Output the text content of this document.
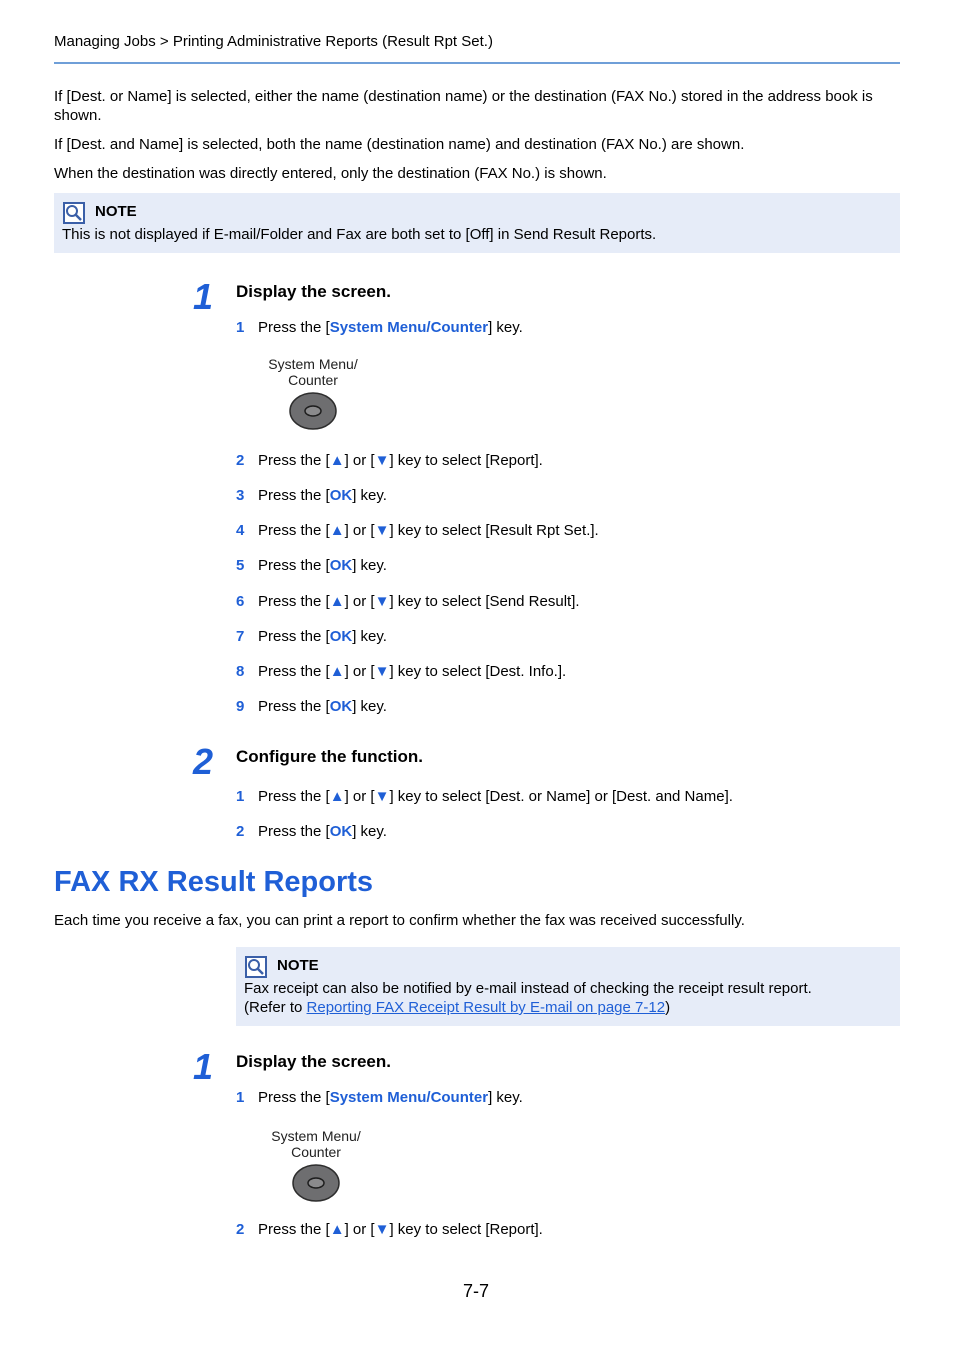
Managing Jobs > Printing Administrative Reports (Result Rpt Set.)
If [Dest. or Name] is selected, either the name (destination name) or the destination (FAX No.) stored in the address book is shown.
If [Dest. and Name] is selected, both the name (destination name) and destination (FAX No.) are shown.
When the destination was directly entered, only the destination (FAX No.) is shown.
NOTE
This is not displayed if E-mail/Folder and Fax are both set to [Off] in Send Result Reports.
1 Display the screen.
1 Press the [System Menu/Counter] key.
System Menu/
Counter
2 Press the [▲] or [▼] key to select [Report].
3 Press the [OK] key.
4 Press the [▲] or [▼] key to select [Result Rpt Set.].
5 Press the [OK] key.
6 Press the [▲] or [▼] key to select [Send Result].
7 Press the [OK] key.
8 Press the [▲] or [▼] key to select [Dest. Info.].
9 Press the [OK] key.
2 Configure the function.
1 Press the [▲] or [▼] key to select [Dest. or Name] or [Dest. and Name].
2 Press the [OK] key.
FAX RX Result Reports
Each time you receive a fax, you can print a report to confirm whether the fax was received successfully.
NOTE
Fax receipt can also be notified by e-mail instead of checking the receipt result report.
(Refer to Reporting FAX Receipt Result by E-mail on page 7-12)
1 Display the screen.
1 Press the [System Menu/Counter] key.
System Menu/
Counter
2 Press the [▲] or [▼] key to select [Report].
7-7
